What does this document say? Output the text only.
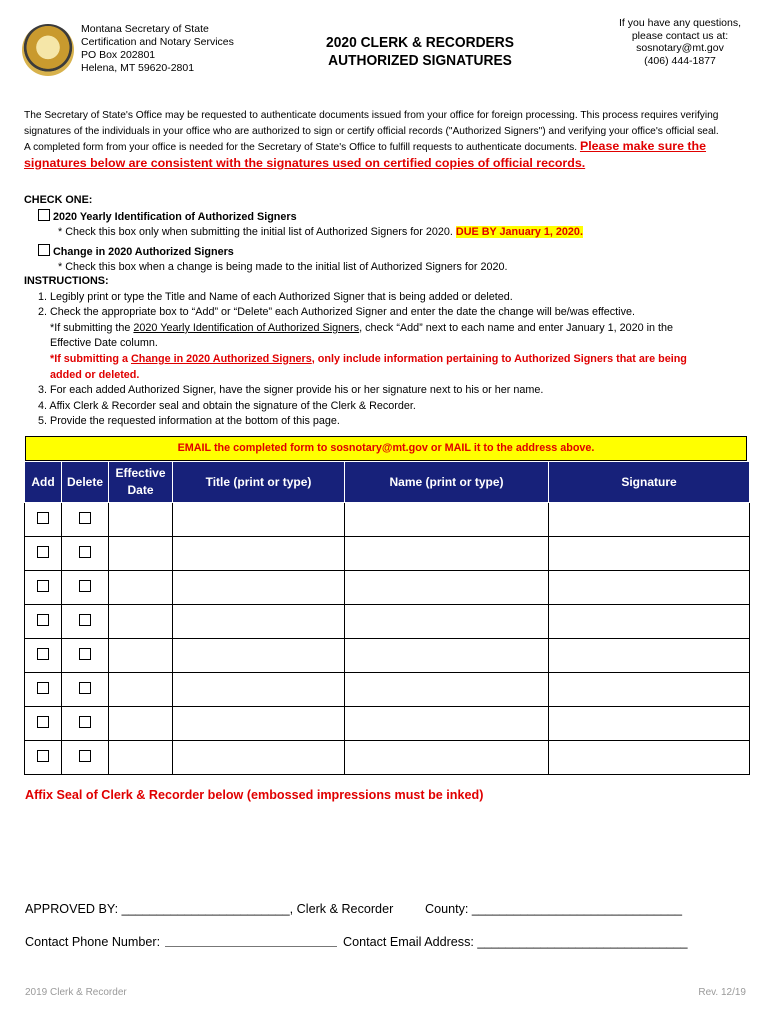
Montana Secretary of State
Certification and Notary Services
PO Box 202801
Helena, MT 59620-2801
2020 CLERK & RECORDERS
AUTHORIZED SIGNATURES
If you have any questions,
please contact us at:
sosnotary@mt.gov
(406) 444-1877
The Secretary of State's Office may be requested to authenticate documents issued from your office for foreign processing. This process requires verifying
signatures of the individuals in your office who are authorized to sign or certify official records ("Authorized Signers") and verifying your office's official seal.
A completed form from your office is needed for the Secretary of State's Office to fulfill requests to authenticate documents. Please make sure the
signatures below are consistent with the signatures used on certified copies of official records.
CHECK ONE:
2020 Yearly Identification of Authorized Signers
* Check this box only when submitting the initial list of Authorized Signers for 2020. DUE BY January 1, 2020.
Change in 2020 Authorized Signers
* Check this box when a change is being made to the initial list of Authorized Signers for 2020.
INSTRUCTIONS:
1. Legibly print or type the Title and Name of each Authorized Signer that is being added or deleted.
2. Check the appropriate box to “Add” or “Delete” each Authorized Signer and enter the date the change will be/was effective.
*If submitting the 2020 Yearly Identification of Authorized Signers, check “Add” next to each name and enter January 1, 2020 in the
Effective Date column.
*If submitting a Change in 2020 Authorized Signers, only include information pertaining to Authorized Signers that are being
added or deleted.
3. For each added Authorized Signer, have the signer provide his or her signature next to his or her name.
4. Affix Clerk & Recorder seal and obtain the signature of the Clerk & Recorder.
5. Provide the requested information at the bottom of this page.
EMAIL the completed form to sosnotary@mt.gov or MAIL it to the address above.
Add	Delete	Effective
Date	Title (print or type)	Name (print or type)	Signature

Affix Seal of Clerk & Recorder below (embossed impressions must be inked)
APPROVED BY: ________________________, Clerk & Recorder	County: ______________________________
Contact Phone Number:	Contact Email Address: ______________________________
2019 Clerk & Recorder	Rev. 12/19
